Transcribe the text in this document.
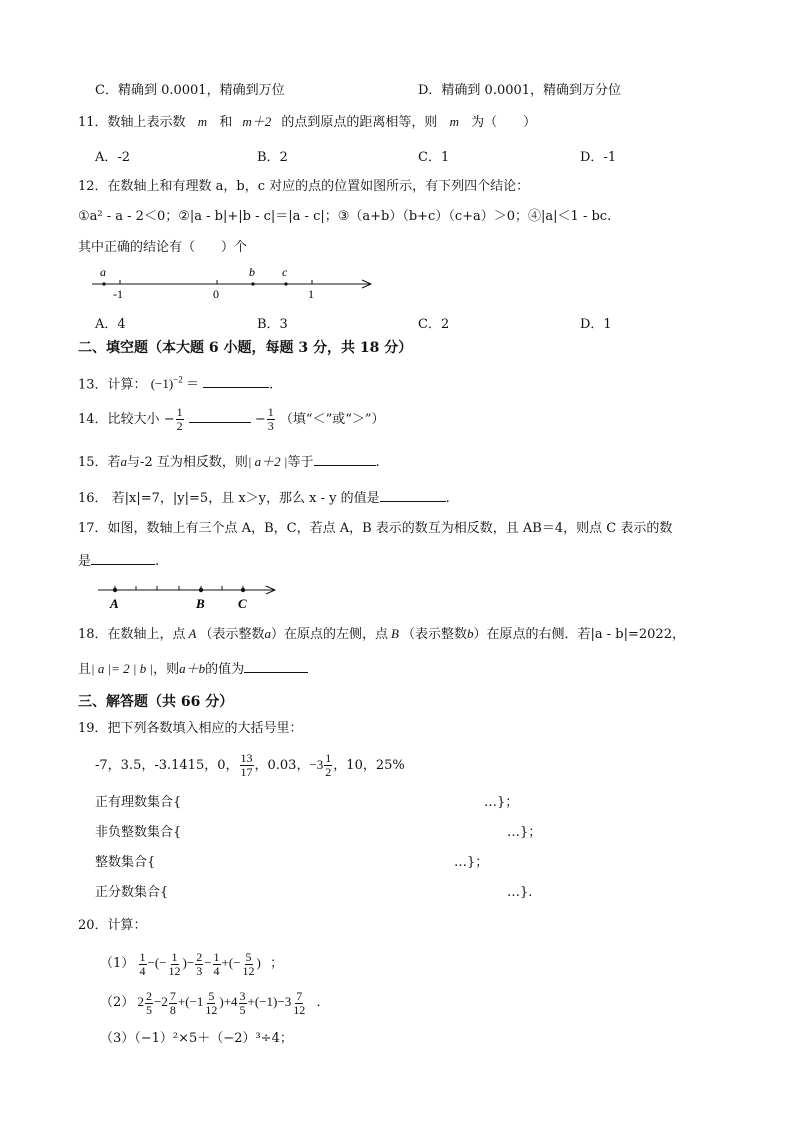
C．精确到 0.0001，精确到万位	D．精确到 0.0001，精确到万分位
11．数轴上表示数 m 和 m＋2 的点到原点的距离相等，则 m 为（　　）
A．-2	B．2	C．1	D．-1
12．在数轴上和有理数 a，b，c 对应的点的位置如图所示，有下列四个结论：
①a² - a - 2＜0；②|a - b|+|b - c|＝|a - c|；③（a+b）（b+c）（c+a）＞0；④|a|＜1 - bc.
其中正确的结论有（　　）个
a	b c
-1	0	1
A．4	B．3	C．2	D．1
二、填空题（本大题 6 小题，每题 3 分，共 18 分）
13．计算： $(-1)^{-2}$ ＝	.
14．比较大小 − $\frac{1}{2}$	− $\frac{1}{3}$ （填“＜”或“＞”）
15．若a与-2 互为相反数，则| a＋2 |等于	.
16． 若|x|=7，|y|=5，且 x＞y，那么 x - y 的值是	.
17．如图，数轴上有三个点 A，B，C，若点 A，B 表示的数互为相反数，且 AB＝4，则点 C 表示的数
是	.
A	B	C
18．在数轴上，点 A （表示整数a）在原点的左侧，点 B （表示整数b）在原点的右侧．若|a - b|=2022，
且| a |= 2 | b |，则a＋b的值为
三、解答题（共 66 分）
19．把下列各数填入相应的大括号里：
-7，3.5，-3.1415，0， $\frac{13}{17}$ ，0.03，$-3 \frac{1}{2}$ ，10，25%
正有理数集合{	…}；
非负整数集合{	…}；
整数集合{	…}；
正分数集合{	…}.
20．计算：
$(1) \frac{1}{4}$ −(− $\frac{1}{12}$ )− $\frac{2}{3} - \frac{1}{4}$ +(− $\frac{5}{12}$ ) ；
（2） $2 \frac{2}{5} -2 \frac{7}{8} +(-1 \frac{5}{12} )+4 \frac{3}{5} +(-1)-3 \frac{7}{12}$ ．
（3）（−1）²×5＋（−2）³÷4；
